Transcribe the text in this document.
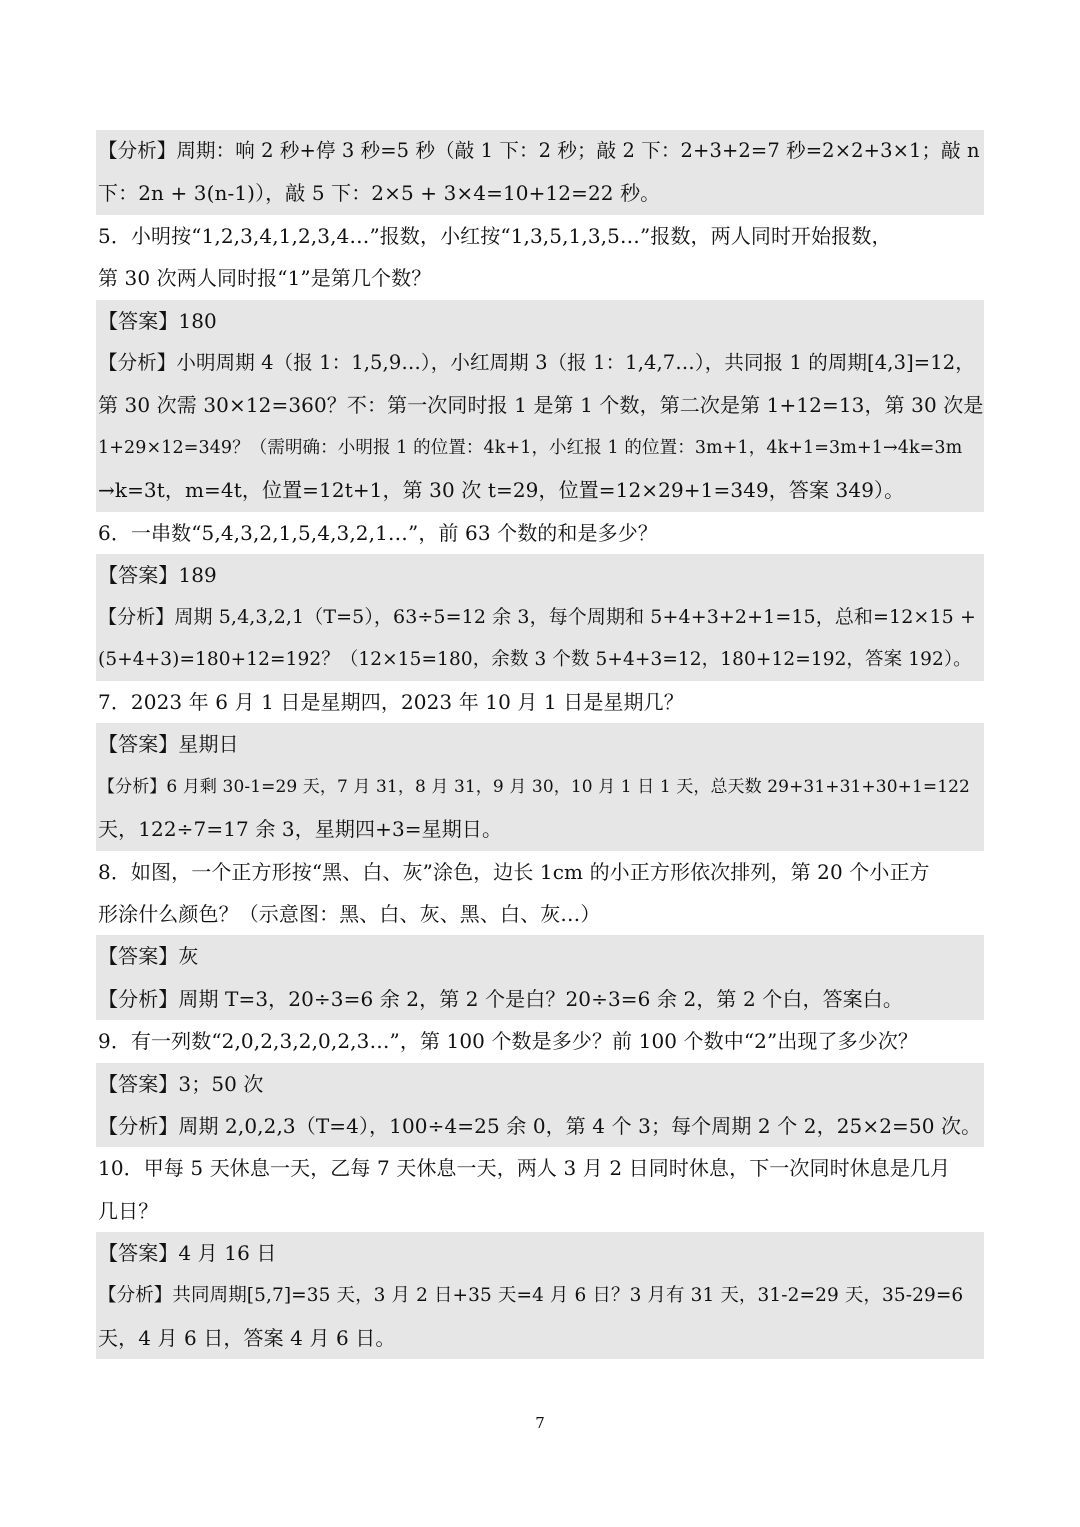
【分析】周期：响 2 秒+停 3 秒=5 秒（敲 1 下：2 秒；敲 2 下：2+3+2=7 秒=2×2+3×1；敲 n
下：2n + 3(n-1)），敲 5 下：2×5 + 3×4=10+12=22 秒。
5．小明按“1,2,3,4,1,2,3,4…”报数，小红按“1,3,5,1,3,5…”报数，两人同时开始报数，
第 30 次两人同时报“1”是第几个数？
【答案】180
【分析】小明周期 4（报 1：1,5,9…），小红周期 3（报 1：1,4,7…），共同报 1 的周期[4,3]=12，
第 30 次需 30×12=360？不：第一次同时报 1 是第 1 个数，第二次是第 1+12=13，第 30 次是
1+29×12=349？（需明确：小明报 1 的位置：4k+1，小红报 1 的位置：3m+1，4k+1=3m+1→4k=3m
→k=3t，m=4t，位置=12t+1，第 30 次 t=29，位置=12×29+1=349，答案 349）。
6．一串数“5,4,3,2,1,5,4,3,2,1…”，前 63 个数的和是多少？
【答案】189
【分析】周期 5,4,3,2,1（T=5），63÷5=12 余 3，每个周期和 5+4+3+2+1=15，总和=12×15 +
(5+4+3)=180+12=192？（12×15=180，余数 3 个数 5+4+3=12，180+12=192，答案 192）。
7．2023 年 6 月 1 日是星期四，2023 年 10 月 1 日是星期几？
【答案】星期日
【分析】6 月剩 30-1=29 天，7 月 31，8 月 31，9 月 30，10 月 1 日 1 天，总天数 29+31+31+30+1=122
天，122÷7=17 余 3，星期四+3=星期日。
8．如图，一个正方形按“黑、白、灰”涂色，边长 1cm 的小正方形依次排列，第 20 个小正方
形涂什么颜色？（示意图：黑、白、灰、黑、白、灰…）
【答案】灰
【分析】周期 T=3，20÷3=6 余 2，第 2 个是白？20÷3=6 余 2，第 2 个白，答案白。
9．有一列数“2,0,2,3,2,0,2,3…”，第 100 个数是多少？前 100 个数中“2”出现了多少次？
【答案】3；50 次
【分析】周期 2,0,2,3（T=4），100÷4=25 余 0，第 4 个 3；每个周期 2 个 2，25×2=50 次。
10．甲每 5 天休息一天，乙每 7 天休息一天，两人 3 月 2 日同时休息，下一次同时休息是几月
几日？
【答案】4 月 16 日
【分析】共同周期[5,7]=35 天，3 月 2 日+35 天=4 月 6 日？3 月有 31 天，31-2=29 天，35-29=6
天，4 月 6 日，答案 4 月 6 日。
7
